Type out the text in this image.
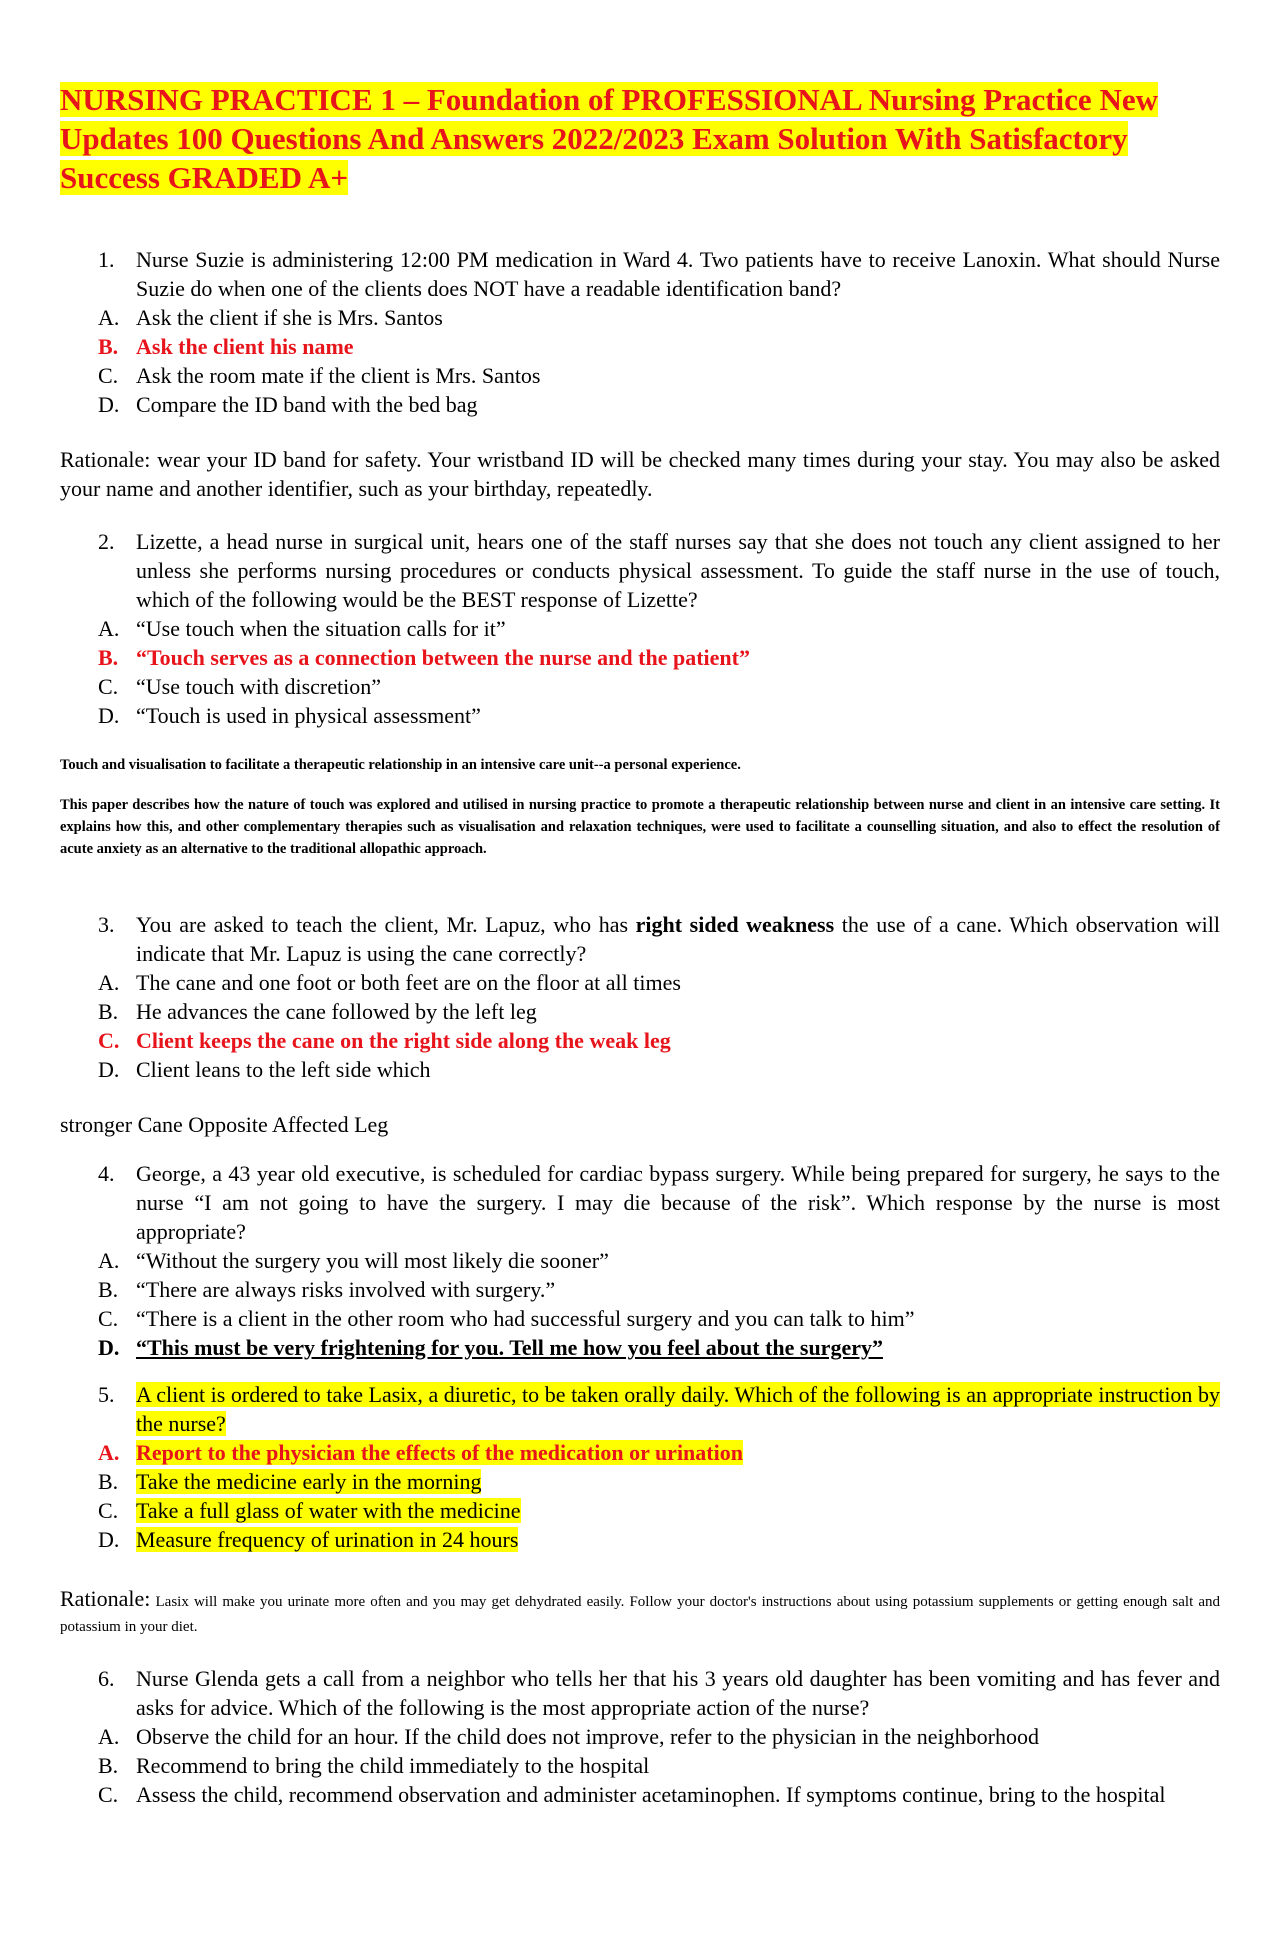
NURSING PRACTICE 1 – Foundation of PROFESSIONAL Nursing Practice New Updates 100 Questions And Answers 2022/2023 Exam Solution With Satisfactory Success GRADED A+
1. Nurse Suzie is administering 12:00 PM medication in Ward 4. Two patients have to receive Lanoxin. What should Nurse Suzie do when one of the clients does NOT have a readable identification band?
A. Ask the client if she is Mrs. Santos
B. Ask the client his name
C. Ask the room mate if the client is Mrs. Santos
D. Compare the ID band with the bed bag

Rationale: wear your ID band for safety. Your wristband ID will be checked many times during your stay. You may also be asked your name and another identifier, such as your birthday, repeatedly.

2. Lizette, a head nurse in surgical unit, hears one of the staff nurses say that she does not touch any client assigned to her unless she performs nursing procedures or conducts physical assessment. To guide the staff nurse in the use of touch, which of the following would be the BEST response of Lizette?
A. “Use touch when the situation calls for it”
B. “Touch serves as a connection between the nurse and the patient”
C. “Use touch with discretion”
D. “Touch is used in physical assessment”

Touch and visualisation to facilitate a therapeutic relationship in an intensive care unit--a personal experience.

This paper describes how the nature of touch was explored and utilised in nursing practice to promote a therapeutic relationship between nurse and client in an intensive care setting. It explains how this, and other complementary therapies such as visualisation and relaxation techniques, were used to facilitate a counselling situation, and also to effect the resolution of acute anxiety as an alternative to the traditional allopathic approach.

3. You are asked to teach the client, Mr. Lapuz, who has right sided weakness the use of a cane. Which observation will indicate that Mr. Lapuz is using the cane correctly?
A. The cane and one foot or both feet are on the floor at all times
B. He advances the cane followed by the left leg
C. Client keeps the cane on the right side along the weak leg
D. Client leans to the left side which

stronger Cane Opposite Affected Leg

4. George, a 43 year old executive, is scheduled for cardiac bypass surgery. While being prepared for surgery, he says to the nurse “I am not going to have the surgery. I may die because of the risk”. Which response by the nurse is most appropriate?
A. “Without the surgery you will most likely die sooner”
B. “There are always risks involved with surgery.”
C. “There is a client in the other room who had successful surgery and you can talk to him”
D. “This must be very frightening for you. Tell me how you feel about the surgery”
5. A client is ordered to take Lasix, a diuretic, to be taken orally daily. Which of the following is an appropriate instruction by the nurse?
A. Report to the physician the effects of the medication or urination
B. Take the medicine early in the morning
C. Take a full glass of water with the medicine
D. Measure frequency of urination in 24 hours

Rationale: Lasix will make you urinate more often and you may get dehydrated easily. Follow your doctor's instructions about using potassium supplements or getting enough salt and potassium in your diet.

6. Nurse Glenda gets a call from a neighbor who tells her that his 3 years old daughter has been vomiting and has fever and asks for advice. Which of the following is the most appropriate action of the nurse?
A. Observe the child for an hour. If the child does not improve, refer to the physician in the neighborhood
B. Recommend to bring the child immediately to the hospital
C. Assess the child, recommend observation and administer acetaminophen. If symptoms continue, bring to the hospital
